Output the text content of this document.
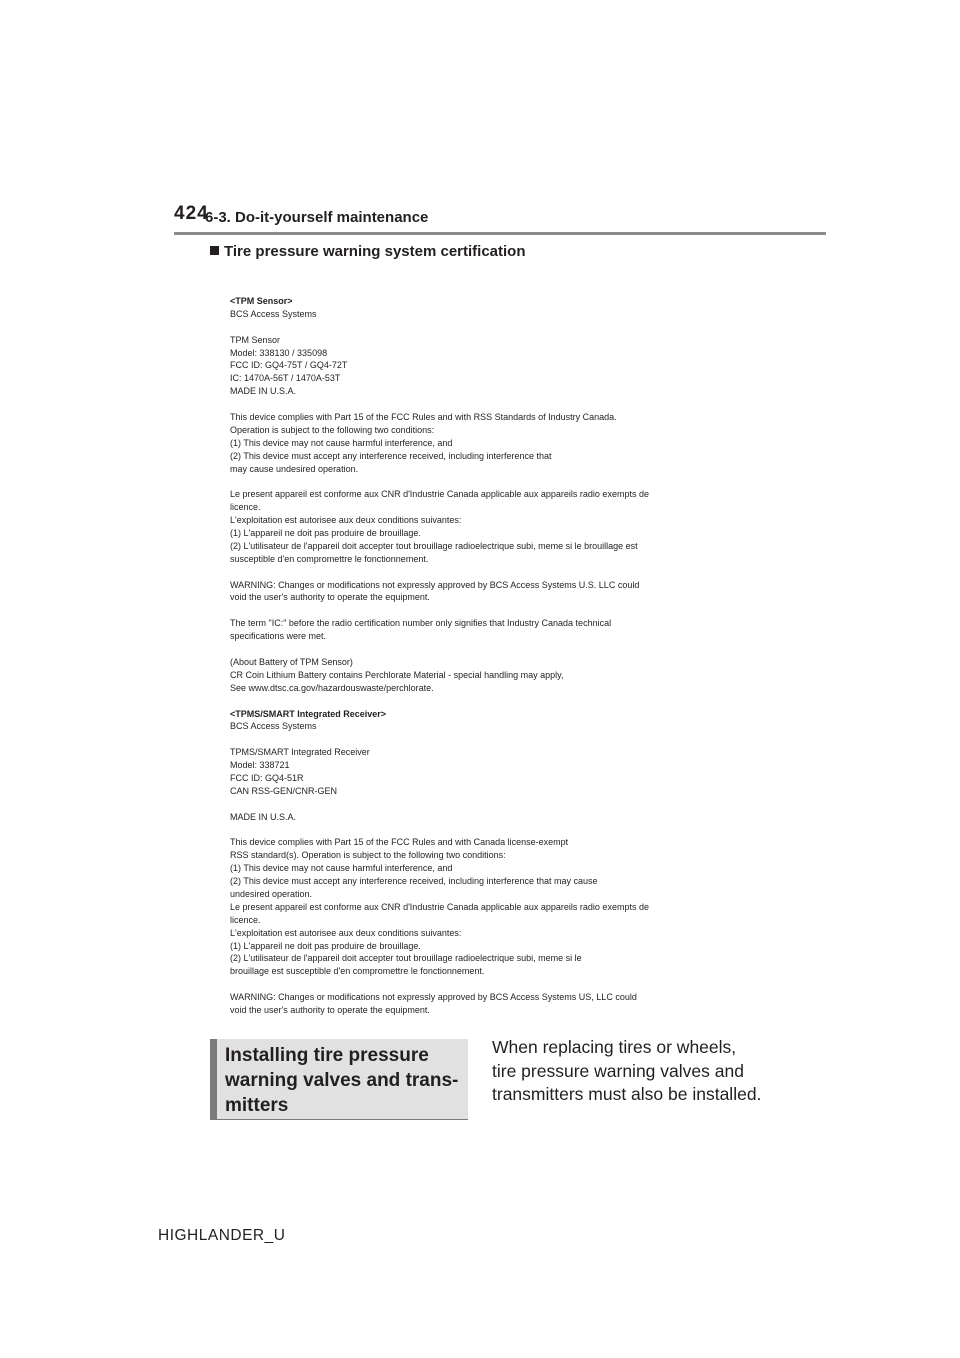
424
6-3. Do-it-yourself maintenance
Tire pressure warning system certification
<TPM Sensor>
BCS Access Systems
TPM Sensor
Model: 338130 / 335098
FCC ID: GQ4-75T / GQ4-72T
IC: 1470A-56T / 1470A-53T
MADE IN U.S.A.
This device complies with Part 15 of the FCC Rules and with RSS Standards of Industry Canada.
Operation is subject to the following two conditions:
(1) This device may not cause harmful interference, and
(2) This device must accept any interference received, including interference that
may cause undesired operation.
Le present appareil est conforme aux CNR d'Industrie Canada applicable aux appareils radio exempts de
licence.
L'exploitation est autorisee aux deux conditions suivantes:
(1) L'appareil ne doit pas produire de brouillage.
(2) L'utilisateur de l'appareil doit accepter tout brouillage radioelectrique subi, meme si le brouillage est
susceptible d'en compromettre le fonctionnement.
WARNING: Changes or modifications not expressly approved by BCS Access Systems U.S. LLC could
void the user's authority to operate the equipment.
The term "IC:" before the radio certification number only signifies that Industry Canada technical
specifications were met.
(About Battery of TPM Sensor)
CR Coin Lithium Battery contains Perchlorate Material - special handling may apply,
See www.dtsc.ca.gov/hazardouswaste/perchlorate.
<TPMS/SMART Integrated Receiver>
BCS Access Systems
TPMS/SMART Integrated Receiver
Model: 338721
FCC ID: GQ4-51R
CAN RSS-GEN/CNR-GEN
MADE IN U.S.A.
This device complies with Part 15 of the FCC Rules and with Canada license-exempt
RSS standard(s). Operation is subject to the following two conditions:
(1) This device may not cause harmful interference, and
(2) This device must accept any interference received, including interference that may cause
undesired operation.
Le present appareil est conforme aux CNR d'Industrie Canada applicable aux appareils radio exempts de
licence.
L'exploitation est autorisee aux deux conditions suivantes:
(1) L'appareil ne doit pas produire de brouillage.
(2) L'utilisateur de l'appareil doit accepter tout brouillage radioelectrique subi, meme si le
brouillage est susceptible d'en compromettre le fonctionnement.
WARNING: Changes or modifications not expressly approved by BCS Access Systems US, LLC could
void the user's authority to operate the equipment.
Installing tire pressure warning valves and trans-mitters
When replacing tires or wheels, tire pressure warning valves and transmitters must also be installed.
HIGHLANDER_U
